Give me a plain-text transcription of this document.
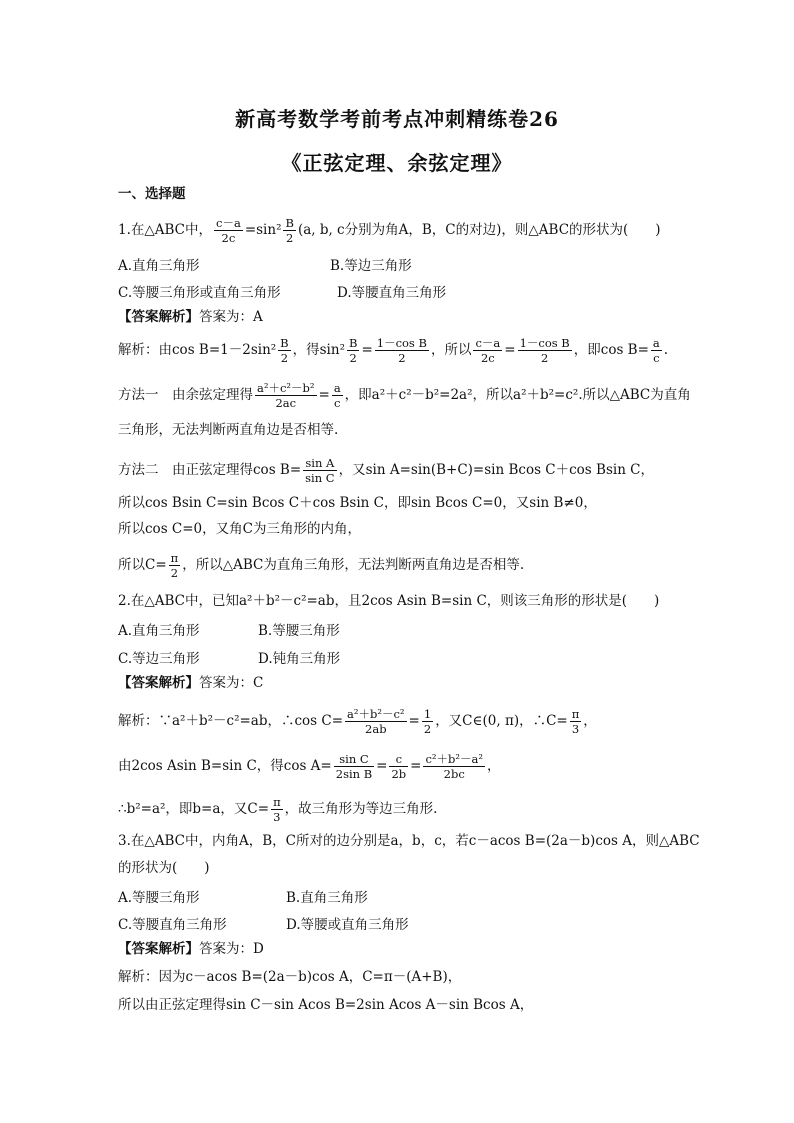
新高考数学考前考点冲刺精练卷26
《正弦定理、余弦定理》
一、选择题
1.在△ABC中， $\frac{c-a}{2c} =\sin^2 \frac{B}{2} (a$, b, c分别为角A，B，C的对边)，则△ABC的形状为(　　)
A.直角三角形	B.等边三角形
C.等腰三角形或直角三角形	D.等腰直角三角形
【答案解析】答案为：A
解析：由$\cos B=1-2\sin^2 \frac{B}{2}$ ，得$\sin^2 \frac{B}{2} = \frac{\text{1－cos B}}{2}$ ，所以 $\frac{c-a}{2c} = \frac{\text{1－cos B}}{2}$ ，即$\cos B= \frac{a}{c}$ .
方法一　由余弦定理得 $\frac{\text{a²＋c²－b²}}{2ac} = \frac{a}{c}$ ，即a²＋c²－b²=2a²，所以a²＋b²=c².所以△ABC为直角
三角形，无法判断两直角边是否相等.
方法二　由正弦定理得$\cos B= \frac{\text{sin A}}{\text{sin C}}$ ，又sin A=sin(B+C)=sin Bcos C＋cos Bsin C，
所以cos Bsin C=sin Bcos C＋cos Bsin C，即sin Bcos C=0，又sin B≠0，
所以cos C=0，又角C为三角形的内角，
所以$C= \frac{\pi}{2}$ ，所以△ABC为直角三角形，无法判断两直角边是否相等.
2.在△ABC中，已知a²＋b²－c²=ab，且2cos Asin B=sin C，则该三角形的形状是(　　)
A.直角三角形	B.等腰三角形
C.等边三角形	D.钝角三角形
【答案解析】答案为：C
解析：∵a²＋b²－c²=ab，∴cos $C= \frac{\text{a²＋b²－c²}}{2ab} = \frac{1}{2}$ ，又C∈(0, π)，∴C= $\frac{\pi}{3}$ ，
由2cos Asin B=sin C，得$\cos A= \frac{\text{sin C}}{\text{2sin B}} = \frac{c}{2b} = \frac{\text{c²＋b²－a²}}{2bc}$ ，
∴b²=a²，即b=a，又$C= \frac{\pi}{3}$ ，故三角形为等边三角形.
3.在△ABC中，内角A，B，C所对的边分别是a，b，c，若c－acos B=(2a－b)cos A，则△ABC
的形状为(　　)
A.等腰三角形	B.直角三角形
C.等腰直角三角形	D.等腰或直角三角形
【答案解析】答案为：D
解析：因为c－acos B=(2a－b)cos A，C=π－(A+B)，
所以由正弦定理得sin C－sin Acos B=2sin Acos A－sin Bcos A，
